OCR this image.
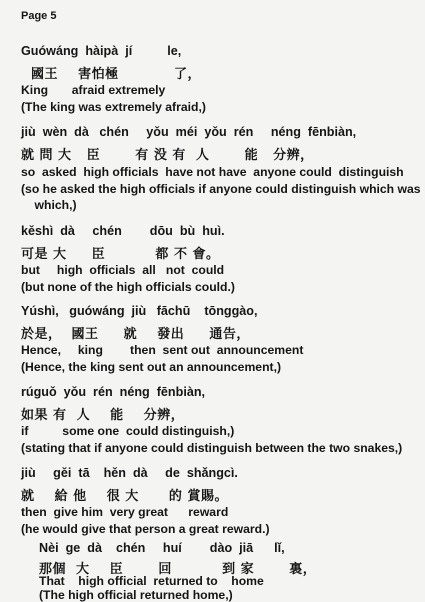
Page 5
Guówáng  hàipà  jí          le,
國王    害怕極           了，
King       afraid extremely
(The king was extremely afraid,)
jiù  wèn  dà   chén     yǒu  méi  yǒu  rén     néng  fēnbiàn,
就 問 大   臣       有 没 有  人       能   分辨，
so  asked  high officials  have not have  anyone could  distinguish
(so he asked the high officials if anyone could distinguish which was
which,)
kěshì  dà     chén        dōu  bù  huì.
可是 大     臣          都 不 會。
but     high  officials  all   not  could
(but none of the high officials could.)
Yúshì,   guówáng  jiù   fāchū    tōnggào,
於是，  國王     就    發出     通告，
Hence,     king        then  sent out  announcement
(Hence, the king sent out an announcement,)
rúguǒ  yǒu  rén  néng  fēnbiàn,
如果 有  人    能    分辨，
if          some one  could distinguish,)
(stating that if anyone could distinguish between the two snakes,)
jiù     gěi  tā    hěn  dà     de  shǎngcì.
就    給 他    很 大      的 賞賜。
then  give him  very great      reward
(he would give that person a great reward.)
Nèi  ge  dà    chén     huí        dào  jiā      lǐ,
那個  大    臣       回          到 家       裏，
That    high official  returned to    home
(The high official returned home,)
